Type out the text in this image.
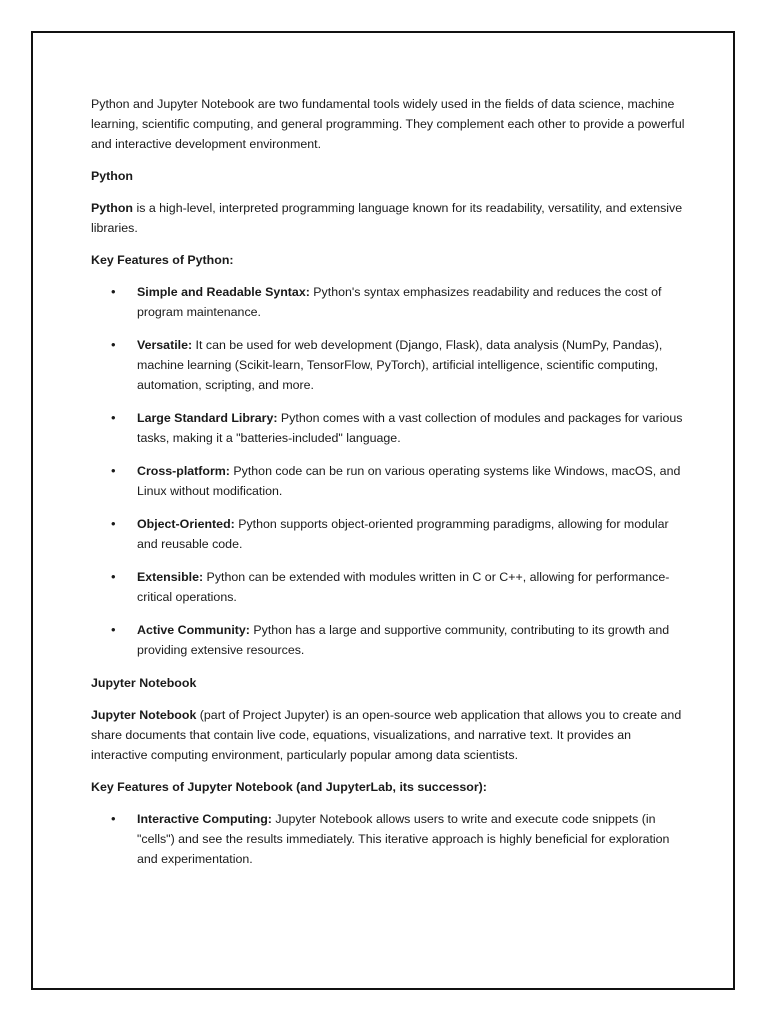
Python and Jupyter Notebook are two fundamental tools widely used in the fields of data science, machine learning, scientific computing, and general programming. They complement each other to provide a powerful and interactive development environment.

Python

Python is a high-level, interpreted programming language known for its readability, versatility, and extensive libraries.

Key Features of Python:

• Simple and Readable Syntax: Python's syntax emphasizes readability and reduces the cost of program maintenance.
• Versatile: It can be used for web development (Django, Flask), data analysis (NumPy, Pandas), machine learning (Scikit-learn, TensorFlow, PyTorch), artificial intelligence, scientific computing, automation, scripting, and more.
• Large Standard Library: Python comes with a vast collection of modules and packages for various tasks, making it a "batteries-included" language.
• Cross-platform: Python code can be run on various operating systems like Windows, macOS, and Linux without modification.
• Object-Oriented: Python supports object-oriented programming paradigms, allowing for modular and reusable code.
• Extensible: Python can be extended with modules written in C or C++, allowing for performance-critical operations.
• Active Community: Python has a large and supportive community, contributing to its growth and providing extensive resources.

Jupyter Notebook

Jupyter Notebook (part of Project Jupyter) is an open-source web application that allows you to create and share documents that contain live code, equations, visualizations, and narrative text. It provides an interactive computing environment, particularly popular among data scientists.

Key Features of Jupyter Notebook (and JupyterLab, its successor):

• Interactive Computing: Jupyter Notebook allows users to write and execute code snippets (in "cells") and see the results immediately. This iterative approach is highly beneficial for exploration and experimentation.
